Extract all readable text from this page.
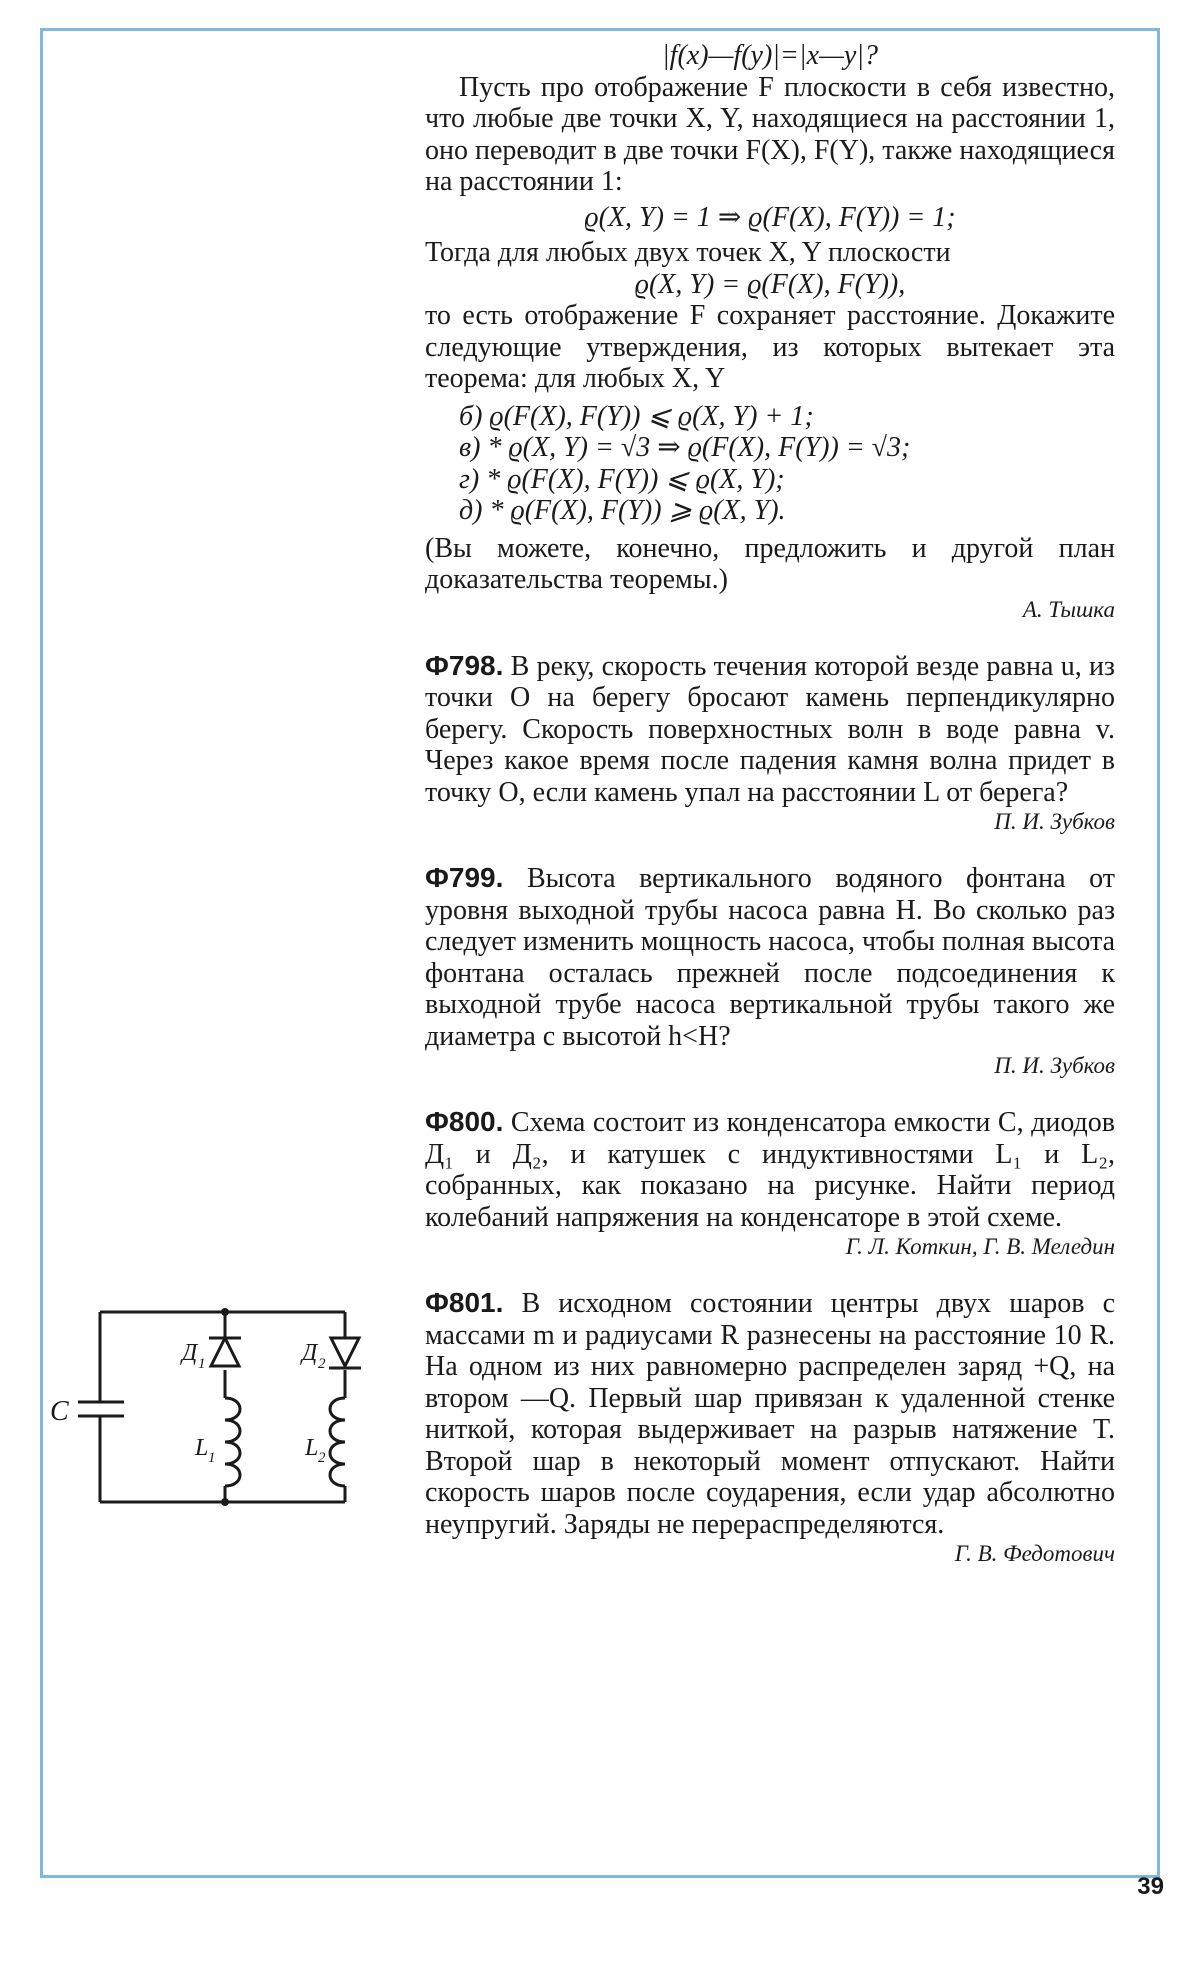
|f(x)—f(y)|=|x—y|?

Пусть про отображение F плоскости в себя известно, что любые две точки X, Y, находящиеся на расстоянии 1, оно переводит в две точки F(X), F(Y), также находящиеся на расстоянии 1:

ϱ(X, Y) = 1 ⇒ ϱ(F(X), F(Y)) = 1;

Тогда для любых двух точек X, Y плоскости

ϱ(X, Y) = ϱ(F(X), F(Y)),

то есть отображение F сохраняет расстояние. Докажите следующие утверждения, из которых вытекает эта теорема: для любых X, Y

б) ϱ(F(X), F(Y)) ⩽ ϱ(X, Y) + 1;

в) * ϱ(X, Y) = √3 ⇒ ϱ(F(X), F(Y)) = √3;

г) * ϱ(F(X), F(Y)) ⩽ ϱ(X, Y);

д) * ϱ(F(X), F(Y)) ⩾ ϱ(X, Y).

(Вы можете, конечно, предложить и другой план доказательства теоремы.)

А. Тышка

Ф798. В реку, скорость течения которой везде равна u, из точки O на берегу бросают камень перпендикулярно берегу. Скорость поверхностных волн в воде равна v. Через какое время после падения камня волна придет в точку O, если камень упал на расстоянии L от берега?

П. И. Зубков

Ф799. Высота вертикального водяного фонтана от уровня выходной трубы насоса равна H. Во сколько раз следует изменить мощность насоса, чтобы полная высота фонтана осталась прежней после подсоединения к выходной трубе насоса вертикальной трубы такого же диаметра с высотой h<H?

П. И. Зубков

Ф800. Схема состоит из конденсатора емкости C, диодов Д₁ и Д₂, и катушек с индуктивностями L₁ и L₂, собранных, как показано на рисунке. Найти период колебаний напряжения на конденсаторе в этой схеме.

Г. Л. Коткин, Г. В. Меледин

Ф801. В исходном состоянии центры двух шаров с массами m и радиусами R разнесены на расстояние 10 R. На одном из них равномерно распределен заряд +Q, на втором —Q. Первый шар привязан к удаленной стенке ниткой, которая выдерживает на разрыв натяжение T. Второй шар в некоторый момент отпускают. Найти скорость шаров после соударения, если удар абсолютно неупругий. Заряды не перераспределяются.

Г. В. Федотович

C
Д 1	Д 2
L 1	L 2
39
